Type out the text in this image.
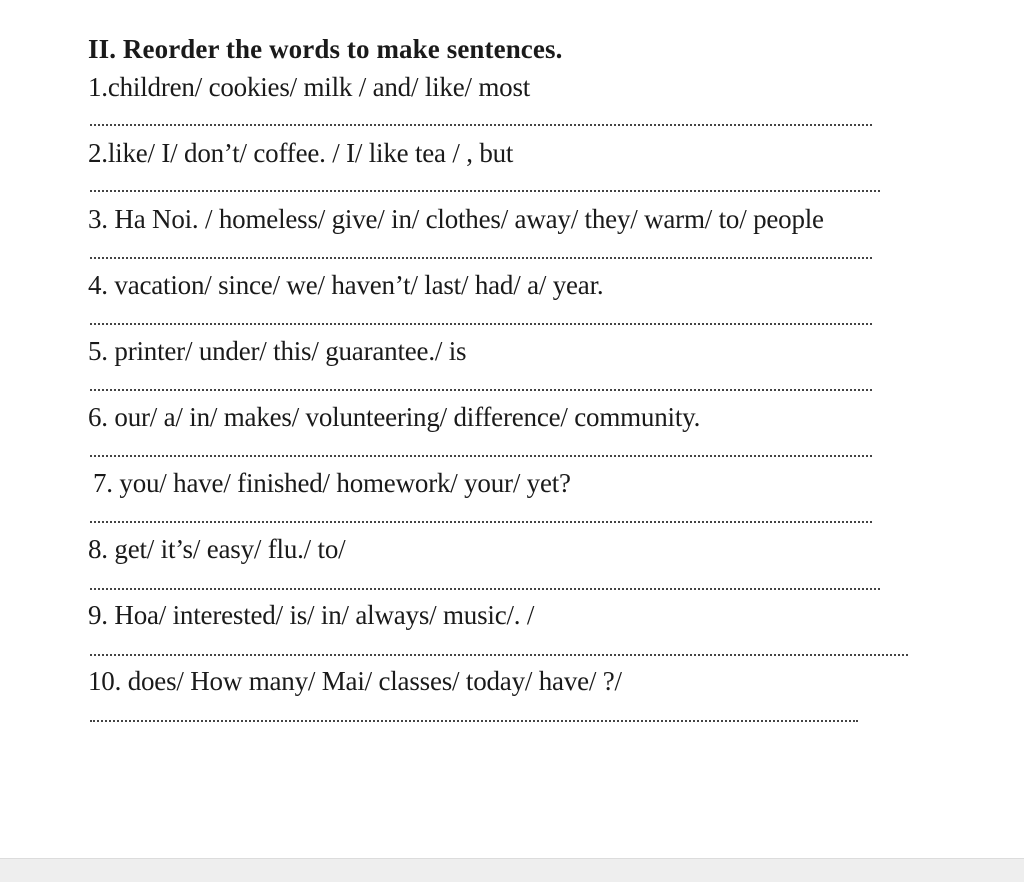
II. Reorder the words to make sentences.
1.children/ cookies/ milk / and/ like/ most
2.like/ I/ don’t/ coffee. / I/ like tea / , but
3. Ha Noi. / homeless/ give/ in/ clothes/ away/ they/ warm/ to/ people
4. vacation/ since/ we/ haven’t/ last/ had/ a/ year.
5. printer/ under/ this/ guarantee./ is
6. our/ a/ in/ makes/ volunteering/ difference/ community.
7. you/ have/ finished/ homework/ your/ yet?
8. get/ it’s/ easy/ flu./ to/
9. Hoa/ interested/ is/ in/ always/ music/. /
10. does/ How many/ Mai/ classes/ today/ have/ ?/
